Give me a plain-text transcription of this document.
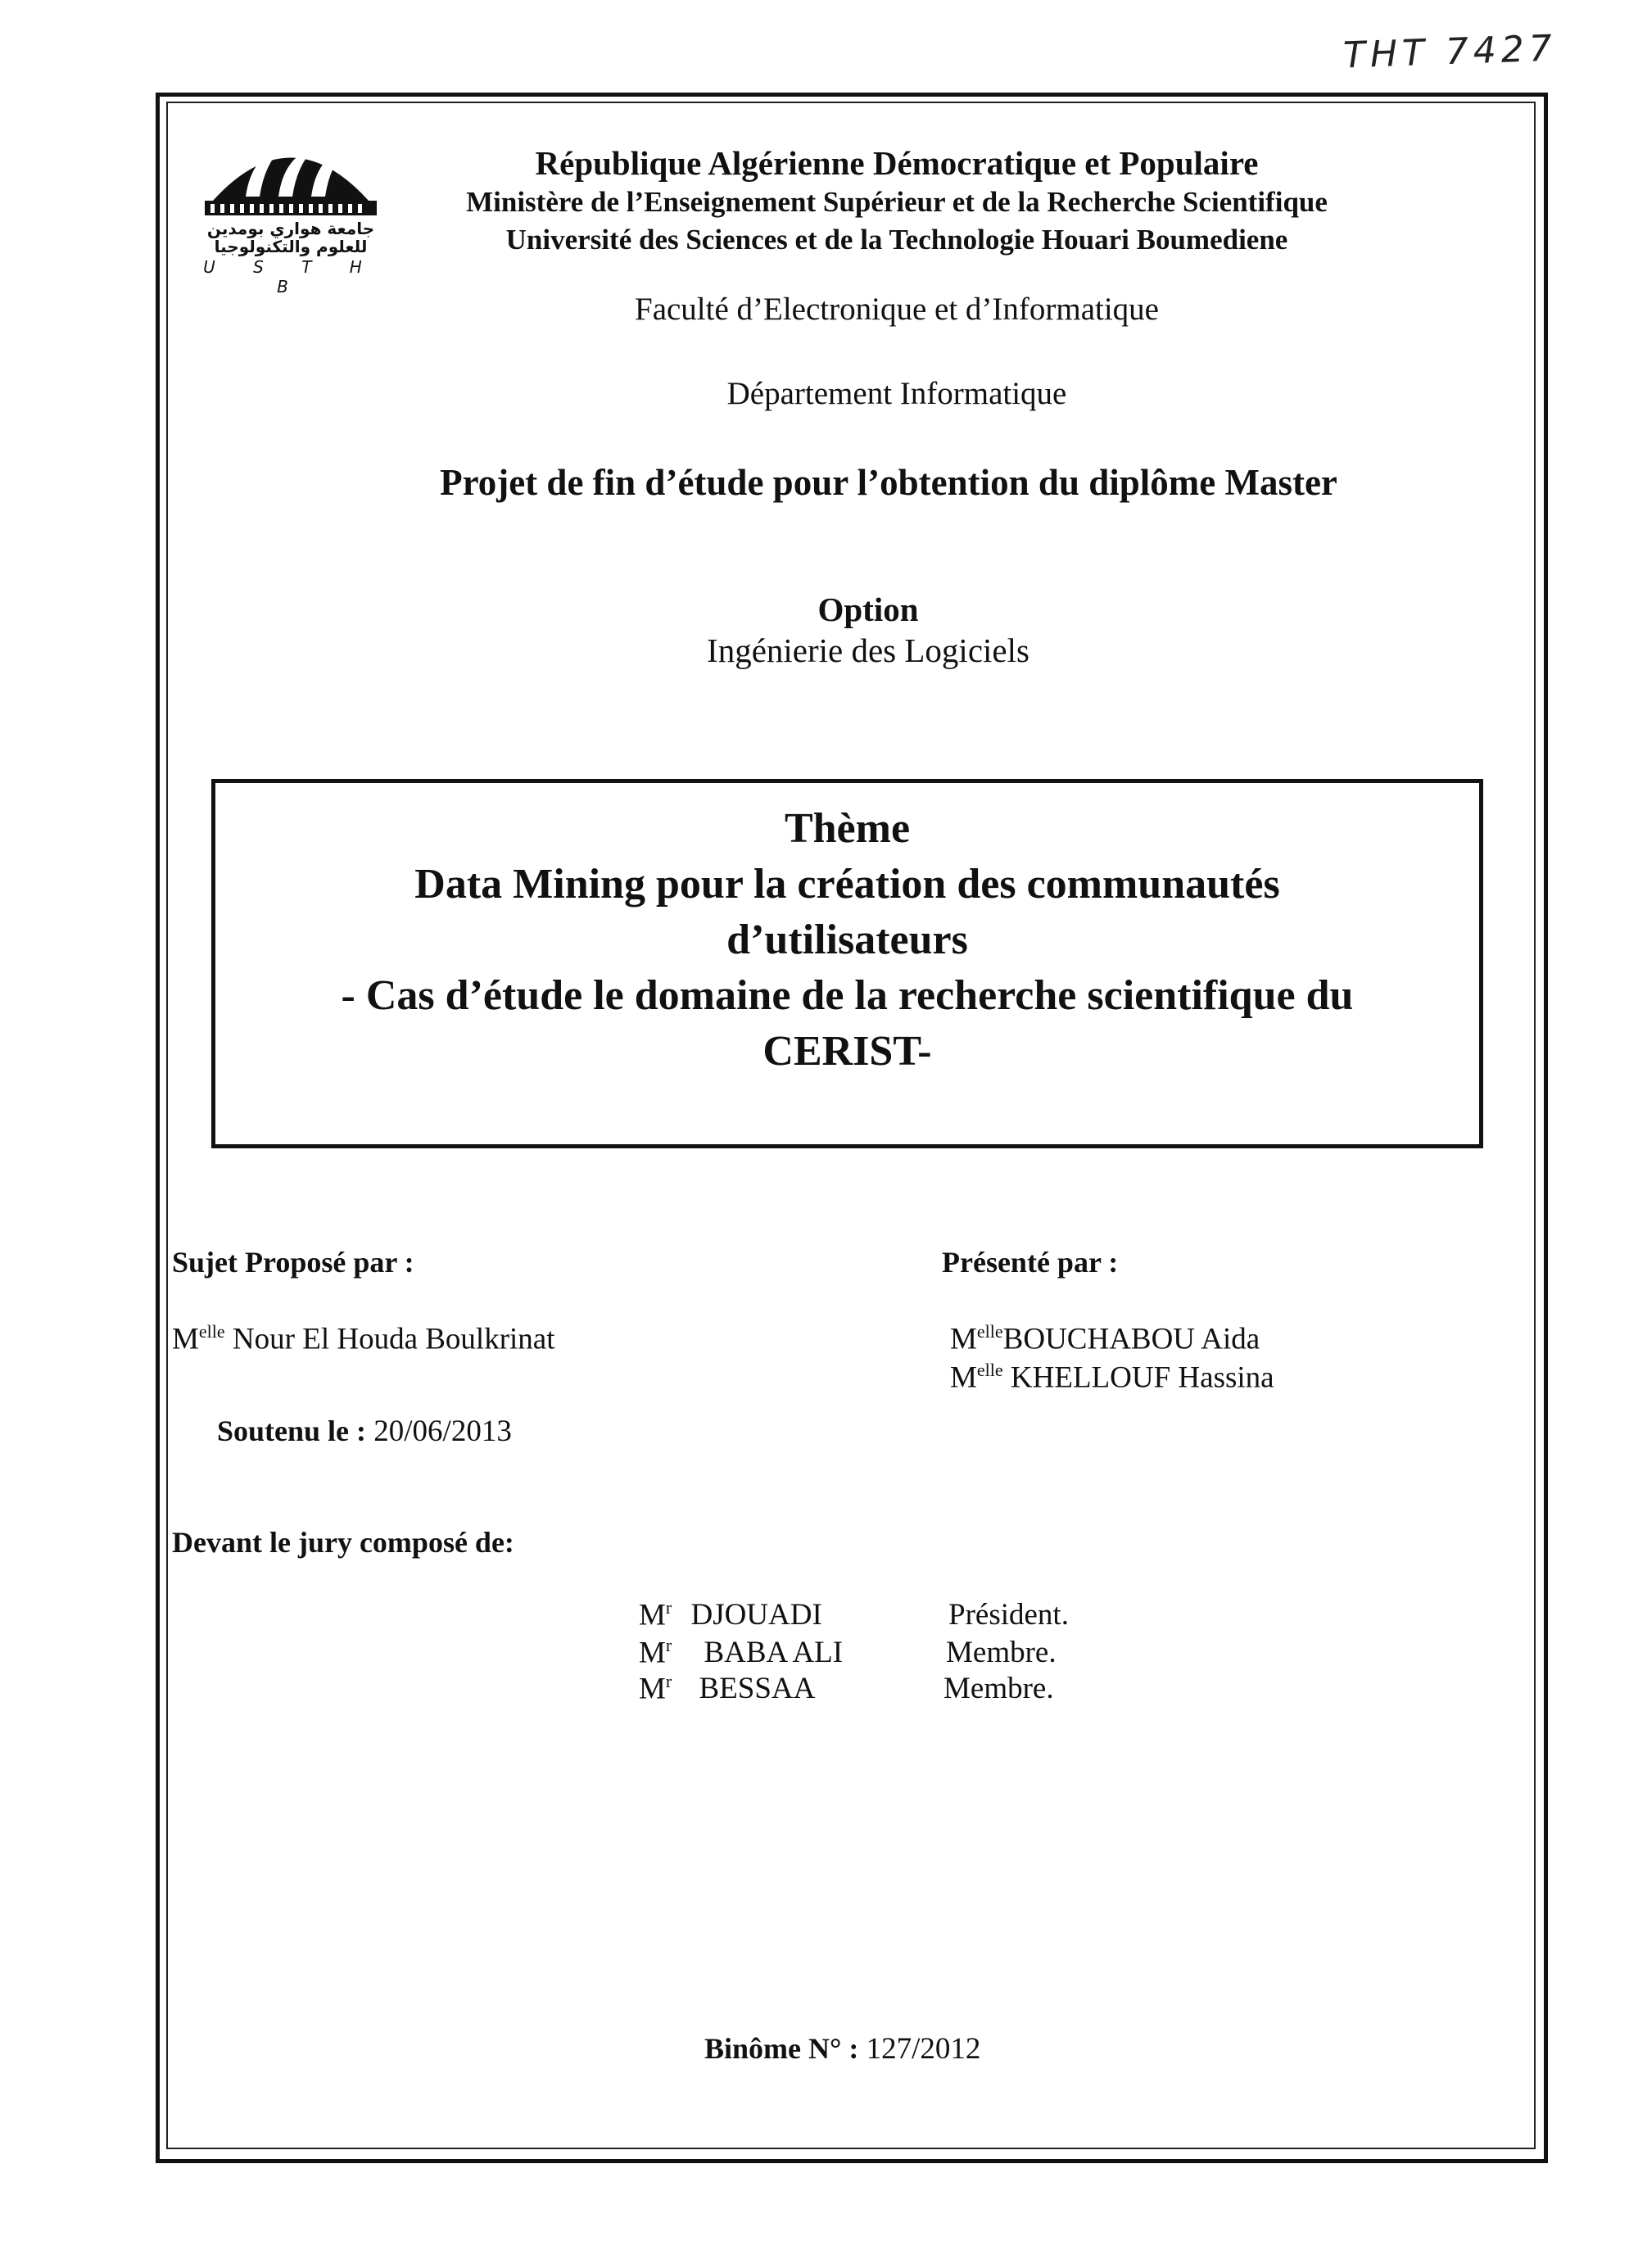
THT 7427
جامعة هواري بومدين
للعلوم والتكنولوجيا
U S T H B
République Algérienne Démocratique et Populaire
Ministère de l’Enseignement Supérieur et de la Recherche Scientifique
Université des Sciences et de la Technologie Houari Boumediene
Faculté d’Electronique et d’Informatique
Département Informatique
Projet de fin d’étude pour l’obtention du diplôme Master
Option
Ingénierie des Logiciels
Thème
Data Mining pour la création des communautés
d’utilisateurs
- Cas d’étude le domaine de la recherche scientifique du
CERIST-
Sujet Proposé par :
$M^{elle}$ Nour El Houda Boulkrinat
Présenté par :
$M^{elle}BOUCHABOU$ Aida
$M^{elle}$ KHELLOUF Hassina
Soutenu le : 20/06/2013
Devant le jury composé de:
$M^r$ DJOUADI	Président.
$M^r$ BABA ALI	Membre.
$M^r$ BESSAA	Membre.
Binôme N° : 127/2012
